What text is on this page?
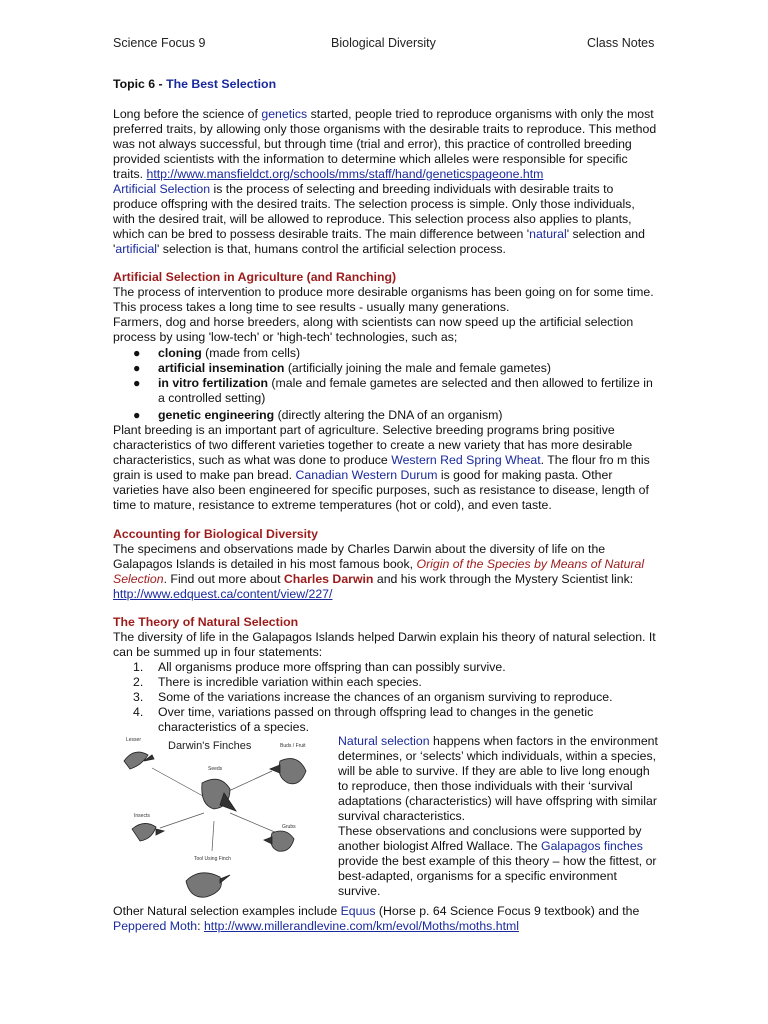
Science Focus 9	Biological Diversity	Class Notes
Topic 6 - The Best Selection

Long before the science of genetics started, people tried to reproduce organisms with only the most preferred traits, by allowing only those organisms with the desirable traits to reproduce. This method was not always successful, but through time (trial and error), this practice of controlled breeding provided scientists with the information to determine which alleles were responsible for specific traits. http://www.mansfieldct.org/schools/mms/staff/hand/geneticspageone.htm
Artificial Selection is the process of selecting and breeding individuals with desirable traits to produce offspring with the desired traits. The selection process is simple. Only those individuals, with the desired trait, will be allowed to reproduce. This selection process also applies to plants, which can be bred to possess desirable traits. The main difference between 'natural' selection and 'artificial' selection is that, humans control the artificial selection process.

Artificial Selection in Agriculture (and Ranching)

The process of intervention to produce more desirable organisms has been going on for some time. This process takes a long time to see results - usually many generations.
Farmers, dog and horse breeders, along with scientists can now speed up the artificial selection process by using 'low-tech' or 'high-tech' technologies, such as;

● cloning (made from cells)
● artificial insemination (artificially joining the male and female gametes)
● in vitro fertilization (male and female gametes are selected and then allowed to fertilize in a controlled setting)
● genetic engineering (directly altering the DNA of an organism)

Plant breeding is an important part of agriculture. Selective breeding programs bring positive characteristics of two different varieties together to create a new variety that has more desirable characteristics, such as what was done to produce Western Red Spring Wheat. The flour fro m this grain is used to make pan bread. Canadian Western Durum is good for making pasta. Other varieties have also been engineered for specific purposes, such as resistance to disease, length of time to mature, resistance to extreme temperatures (hot or cold), and even taste.

Accounting for Biological Diversity

The specimens and observations made by Charles Darwin about the diversity of life on the Galapagos Islands is detailed in his most famous book, Origin of the Species by Means of Natural Selection. Find out more about Charles Darwin and his work through the Mystery Scientist link: http://www.edquest.ca/content/view/227/

The Theory of Natural Selection

The diversity of life in the Galapagos Islands helped Darwin explain his theory of natural selection. It can be summed up in four statements:

1. All organisms produce more offspring than can possibly survive.
2. There is incredible variation within each species.
3. Some of the variations increase the chances of an organism surviving to reproduce.
4. Over time, variations passed on through offspring lead to changes in the genetic characteristics of a species.
Darwin's Finches
Lesser
Buds / Fruit
Seeds
Insects
Grubs
Tool Using Finch

Natural selection happens when factors in the environment determines, or ‘selects’ which individuals, within a species, will be able to survive. If they are able to live long enough to reproduce, then those individuals with their ‘survival adaptations (characteristics) will have offspring with similar survival characteristics.
These observations and conclusions were supported by another biologist Alfred Wallace. The Galapagos finches provide the best example of this theory – how the fittest, or best-adapted, organisms for a specific environment survive.

Other Natural selection examples include Equus (Horse p. 64 Science Focus 9 textbook) and the Peppered Moth: http://www.millerandlevine.com/km/evol/Moths/moths.html
